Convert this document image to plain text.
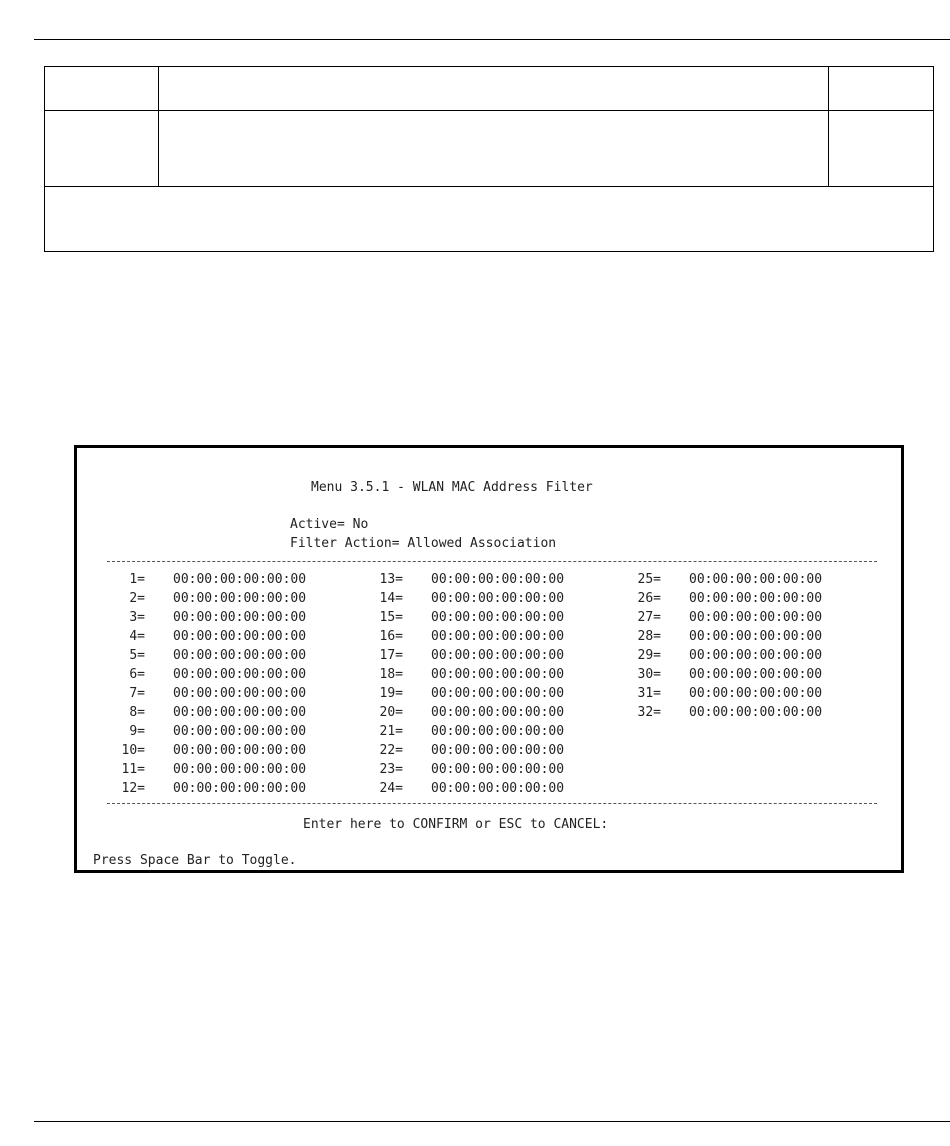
Menu 3.5.1 - WLAN MAC Address Filter
Active= No
Filter Action= Allowed Association
1= 00:00:00:00:00:00
2= 00:00:00:00:00:00
3= 00:00:00:00:00:00
4= 00:00:00:00:00:00
5= 00:00:00:00:00:00
6= 00:00:00:00:00:00
7= 00:00:00:00:00:00
8= 00:00:00:00:00:00
9= 00:00:00:00:00:00
10= 00:00:00:00:00:00
11= 00:00:00:00:00:00
12= 00:00:00:00:00:00
13= 00:00:00:00:00:00
14= 00:00:00:00:00:00
15= 00:00:00:00:00:00
16= 00:00:00:00:00:00
17= 00:00:00:00:00:00
18= 00:00:00:00:00:00
19= 00:00:00:00:00:00
20= 00:00:00:00:00:00
21= 00:00:00:00:00:00
22= 00:00:00:00:00:00
23= 00:00:00:00:00:00
24= 00:00:00:00:00:00
25= 00:00:00:00:00:00
26= 00:00:00:00:00:00
27= 00:00:00:00:00:00
28= 00:00:00:00:00:00
29= 00:00:00:00:00:00
30= 00:00:00:00:00:00
31= 00:00:00:00:00:00
32= 00:00:00:00:00:00
Enter here to CONFIRM or ESC to CANCEL:
Press Space Bar to Toggle.
